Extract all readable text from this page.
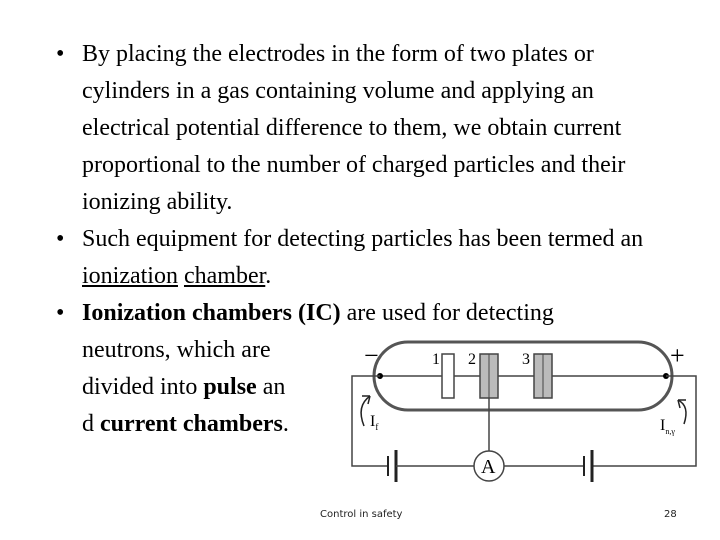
• By placing the electrodes in the form of two plates or cylinders in a gas containing volume and applying an electrical potential difference to them, we obtain current proportional to the number of charged particles and their ionizing ability.
• Such equipment for detecting particles has been termed an ionization chamber.
• Ionization chambers (IC) are used for detecting
neutrons, which are
divided into pulse an
d current chambers.
1 2	3
−	+
A
$I_f$	$I_{n,\gamma}$
Control in safety	28
